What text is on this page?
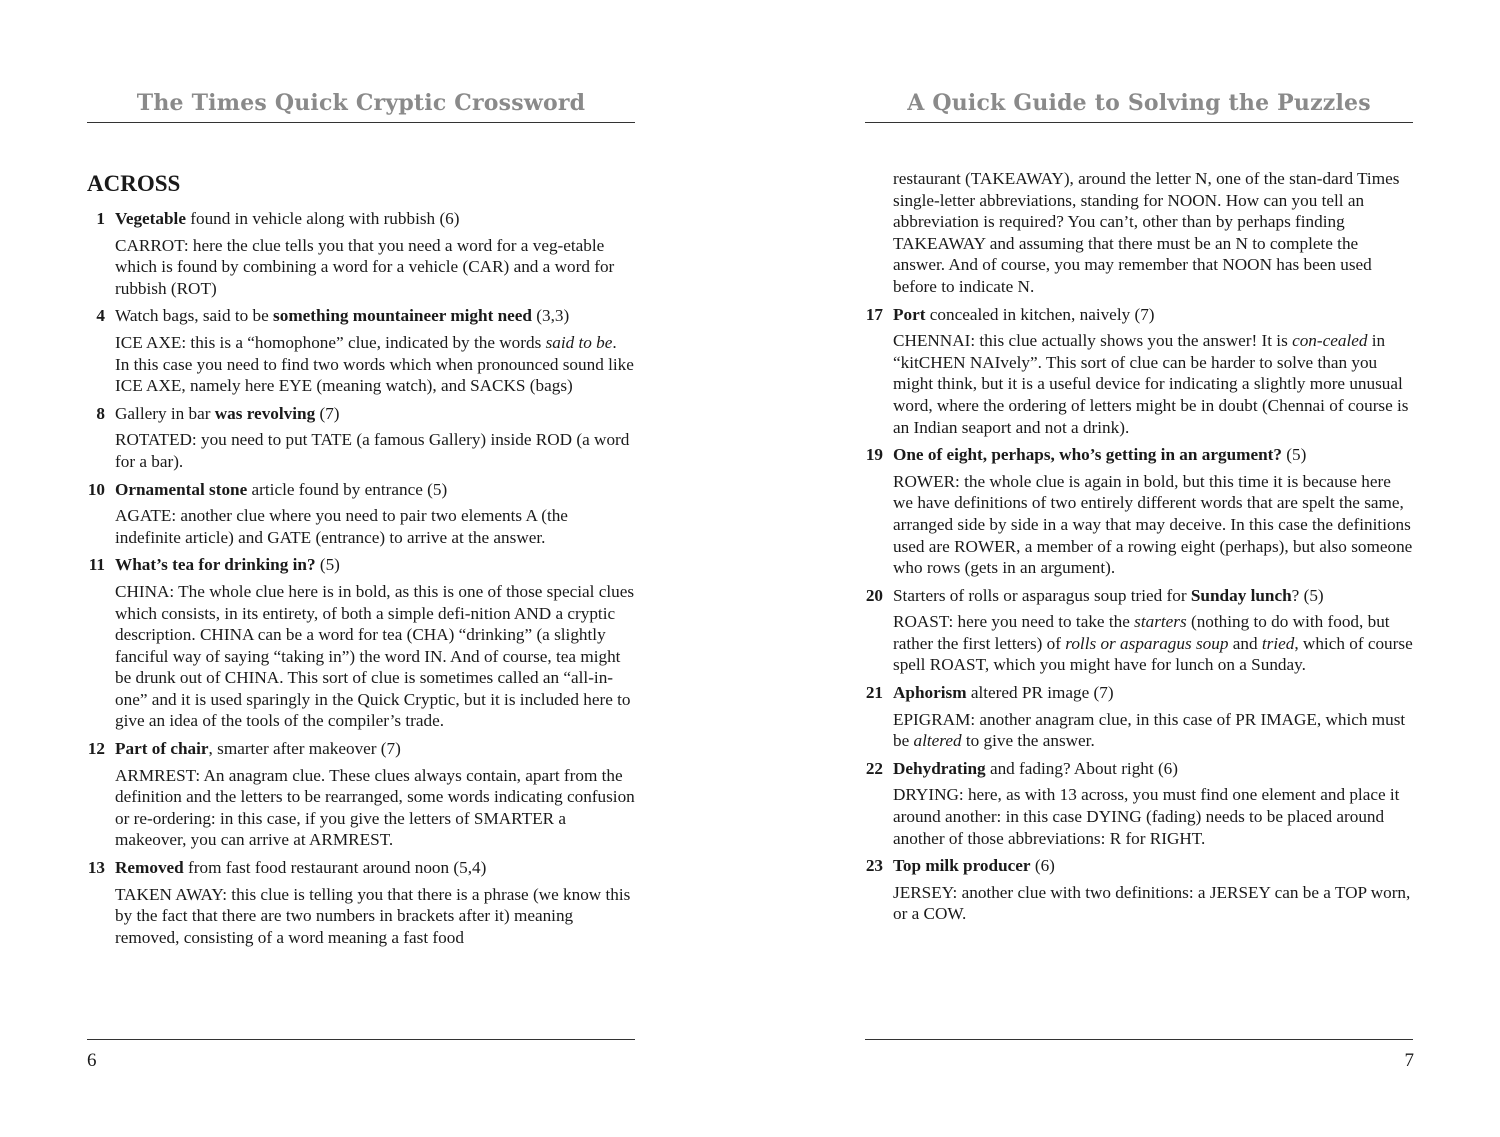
The Times Quick Cryptic Crossword
ACROSS

1 Vegetable found in vehicle along with rubbish (6)

CARROT: here the clue tells you that you need a word for a veg-etable which is found by combining a word for a vehicle (CAR) and a word for rubbish (ROT)

4 Watch bags, said to be something mountaineer might need (3,3)

ICE AXE: this is a “homophone” clue, indicated by the words said to be. In this case you need to find two words which when pronounced sound like ICE AXE, namely here EYE (meaning watch), and SACKS (bags)

8 Gallery in bar was revolving (7)

ROTATED: you need to put TATE (a famous Gallery) inside ROD (a word for a bar).

10 Ornamental stone article found by entrance (5)

AGATE: another clue where you need to pair two elements A (the indefinite article) and GATE (entrance) to arrive at the answer.

11 What’s tea for drinking in? (5)

CHINA: The whole clue here is in bold, as this is one of those special clues which consists, in its entirety, of both a simple defi-nition AND a cryptic description. CHINA can be a word for tea (CHA) “drinking” (a slightly fanciful way of saying “taking in”) the word IN. And of course, tea might be drunk out of CHINA. This sort of clue is sometimes called an “all-in-one” and it is used sparingly in the Quick Cryptic, but it is included here to give an idea of the tools of the compiler’s trade.

12 Part of chair, smarter after makeover (7)

ARMREST: An anagram clue. These clues always contain, apart from the definition and the letters to be rearranged, some words indicating confusion or re-ordering: in this case, if you give the letters of SMARTER a makeover, you can arrive at ARMREST.

13 Removed from fast food restaurant around noon (5,4)

TAKEN AWAY: this clue is telling you that there is a phrase (we know this by the fact that there are two numbers in brackets after it) meaning removed, consisting of a word meaning a fast food

6
A Quick Guide to Solving the Puzzles

restaurant (TAKEAWAY), around the letter N, one of the stan-dard Times single-letter abbreviations, standing for NOON. How can you tell an abbreviation is required? You can’t, other than by perhaps finding TAKEAWAY and assuming that there must be an N to complete the answer. And of course, you may remember that NOON has been used before to indicate N.

17 Port concealed in kitchen, naively (7)

CHENNAI: this clue actually shows you the answer! It is con-cealed in “kitCHEN NAIvely”. This sort of clue can be harder to solve than you might think, but it is a useful device for indicating a slightly more unusual word, where the ordering of letters might be in doubt (Chennai of course is an Indian seaport and not a drink).

19 One of eight, perhaps, who’s getting in an argument? (5)

ROWER: the whole clue is again in bold, but this time it is because here we have definitions of two entirely different words that are spelt the same, arranged side by side in a way that may deceive. In this case the definitions used are ROWER, a member of a rowing eight (perhaps), but also someone who rows (gets in an argument).

20 Starters of rolls or asparagus soup tried for Sunday lunch? (5)

ROAST: here you need to take the starters (nothing to do with food, but rather the first letters) of rolls or asparagus soup and tried, which of course spell ROAST, which you might have for lunch on a Sunday.

21 Aphorism altered PR image (7)

EPIGRAM: another anagram clue, in this case of PR IMAGE, which must be altered to give the answer.

22 Dehydrating and fading? About right (6)

DRYING: here, as with 13 across, you must find one element and place it around another: in this case DYING (fading) needs to be placed around another of those abbreviations: R for RIGHT.

23 Top milk producer (6)

JERSEY: another clue with two definitions: a JERSEY can be a TOP worn, or a COW.

7
